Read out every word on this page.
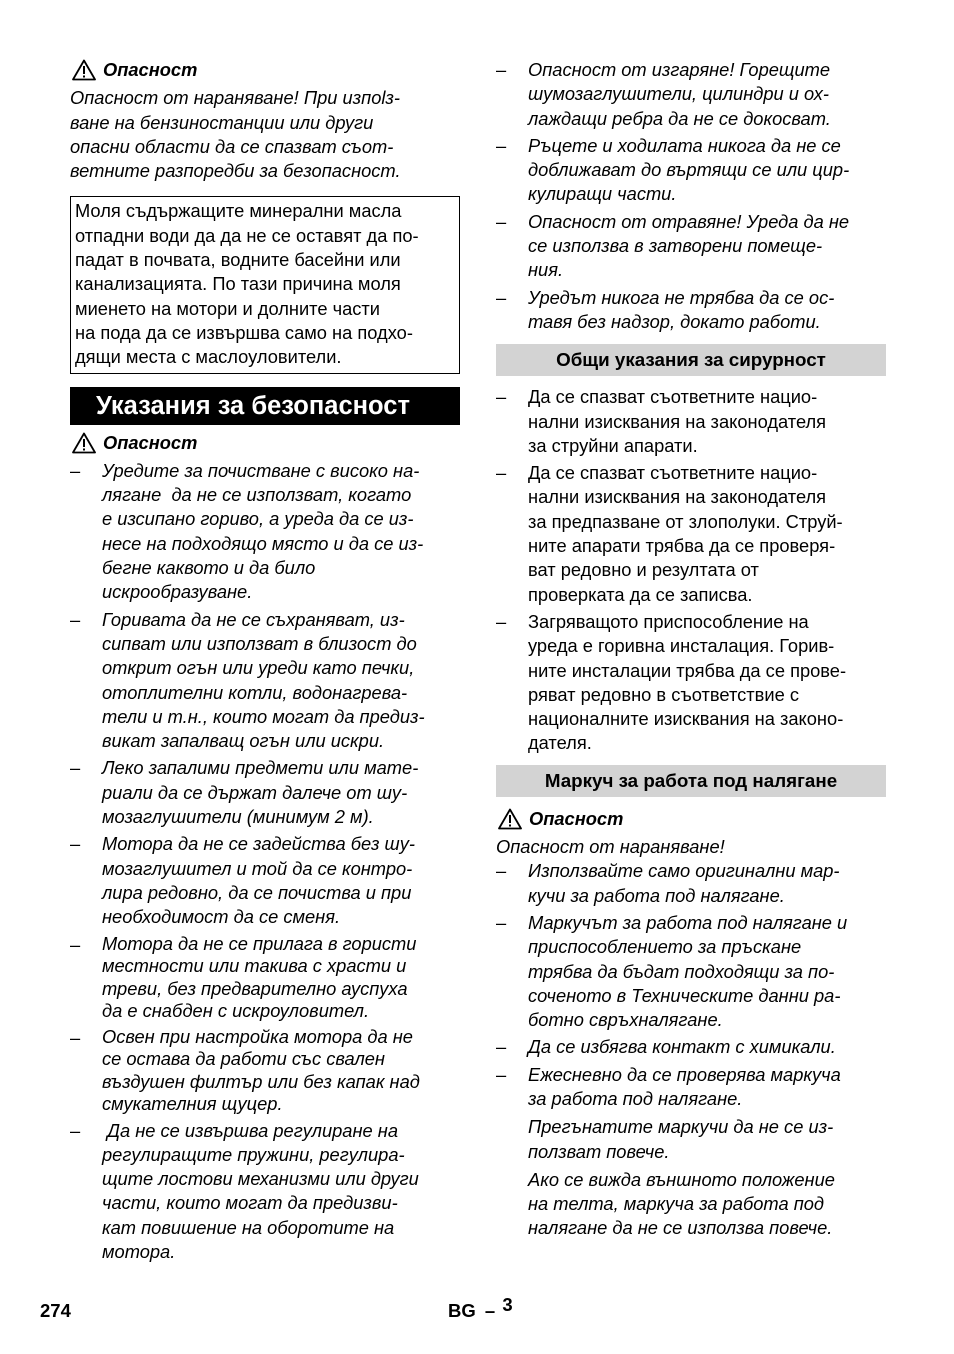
Опасност
Опасност от нараняване! При изпolз-
ване на бензиностанции или други
опасни области да се спазват съот-
ветните разпоредби за безопасност.
Моля съдържащите минерални масла
отпадни води да да не се оставят да по-
падат в почвата, водните басейни или
канализацията. По тази причина моля
миенето на мотори и долните части
на пода да се извършва само на подхо-
дящи места с маслоуловители.
Указания за безопасност
Опасност
–	Уредите за почистване с високо на-
лягане  да не се използват, когато
е изсипано гориво, а уреда да се из-
несе на подходящо място и да се из-
бегне каквото и да било
искрообразуване.
–	Горивата да не се съхраняват, из-
сипват или използват в близост до
открит огън или уреди като печки,
отоплителни котли, водонагрева-
тели и т.н., които могат да предиз-
викат запалващ огън или искри.
–	Леко запалими предмети или мате-
риали да се държат далече от шу-
мозаглушители (минимум 2 м).
–	Мотора да не се задейства без шу-
мозаглушител и той да се контро-
лира редовно, да се почиства и при
необходимост да се сменя.
–	Мотора да не се прилага в гористи
местности или такива с храсти и
треви, без предварително ауспуха
да е снабден с искроуловител.
–	Освен при настройка мотора да не
се остава да работи със свален
въздушен филтър или без капак над
смукателния щуцер.
–	Да не се извършва регулиране на
регулиращите пружини, регулира-
щите лостови механизми или други
части, които могат да предизви-
кат повишение на оборотите на
мотора.
–	Опасност от изгаряне! Горещите
шумозаглушители, цилиндри и ох-
лаждащи ребра да не се докосват.
–	Ръцете и ходилата никога да не се
доближават до въртящи се или цир-
кулиращи части.
–	Опасност от отравяне! Уреда да не
се използва в затворени помеще-
ния.
–	Уредът никога не трябва да се ос-
тавя без надзор, докато работи.
Общи указания за сирурност
–	Да се спазват съответните нацио-
нални изисквания на законодателя
за струйни апарати.
–	Да се спазват съответните нацио-
нални изисквания на законодателя
за предпазване от злополуки. Струй-
ните апарати трябва да се проверя-
ват редовно и резултата от
проверката да се записва.
–	Загряващото приспособление на
уреда е горивна инсталация. Горив-
ните инсталации трябва да се прове-
ряват редовно в съответствие с
националните изисквания на законо-
дателя.
Маркуч за работа под налягане
Опасност
Опасност от нараняване!
–	Използвайте само оригинални мар-
кучи за работа под налягане.
–	Маркучът за работа под налягане и
приспособлението за пръскане
трябва да бъдат подходящи за по-
соченото в Техническите данни ра-
ботно свръхналягане.
–	Да се избягва контакт с химикали.
–	Ежесневно да се проверява маркуча
за работа под налягане.
Прегънатите маркучи да не се из-
ползват повече.
Ако се вижда външното положение
на телта, маркуча за работа под
налягане да не се използва повече.
274	BG – 3
